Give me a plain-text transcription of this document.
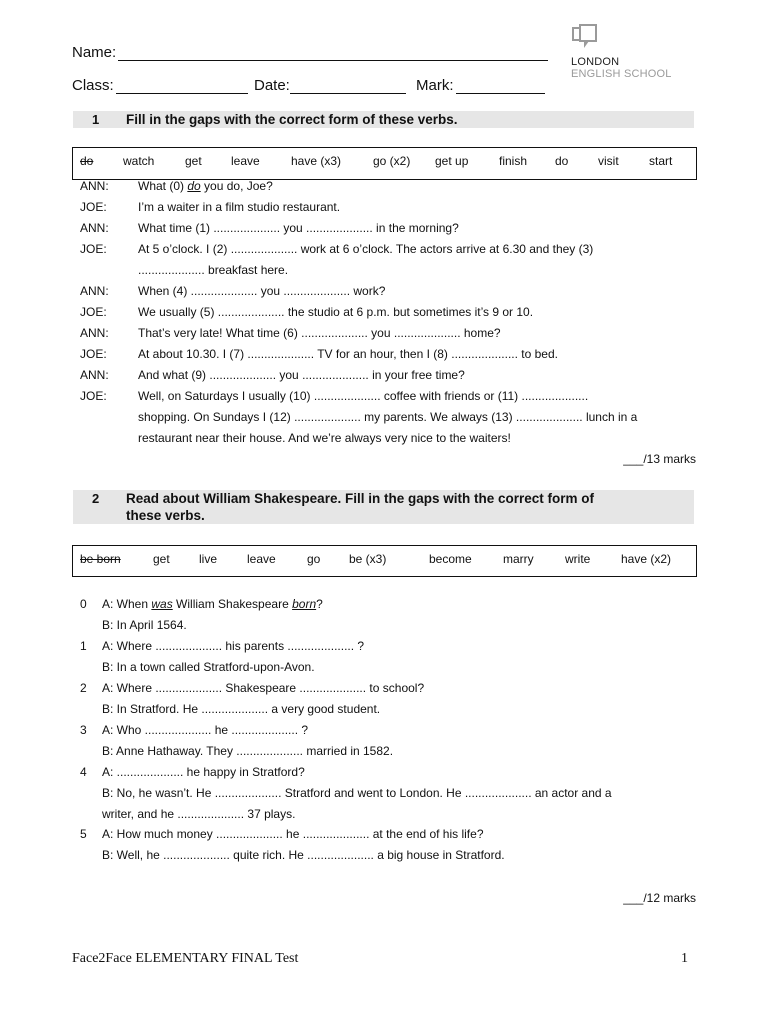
Name:
Class:	Date:	Mark:
LONDON
ENGLISH SCHOOL
1 Fill in the gaps with the correct form of these verbs.
do watch	get leave	have (x3)	go (x2) get up	finish do visit	start
ANN: What (0) do you do, Joe?
JOE:	I’m a waiter in a film studio restaurant.
ANN: What time (1) .................... you .................... in the morning?
JOE:	At 5 o’clock. I (2) .................... work at 6 o’clock. The actors arrive at 6.30 and they (3)
.................... breakfast here.
ANN: When (4) .................... you .................... work?
JOE:	We usually (5) .................... the studio at 6 p.m. but sometimes it’s 9 or 10.
ANN: That’s very late! What time (6) .................... you .................... home?
JOE:	At about 10.30. I (7) .................... TV for an hour, then I (8) .................... to bed.
ANN: And what (9) .................... you .................... in your free time?
JOE:	Well, on Saturdays I usually (10) .................... coffee with friends or (11) ....................
shopping. On Sundays I (12) .................... my parents. We always (13) .................... lunch in a
restaurant near their house. And we’re always very nice to the waiters!
___/13 marks
2 Read about William Shakespeare. Fill in the gaps with the correct form of
these verbs.
be born	get live leave	go be (x3)	become	marry	write	have (x2)
0 A: When was William Shakespeare born?
B: In April 1564.
1 A: Where .................... his parents .................... ?
B: In a town called Stratford-upon-Avon.
2 A: Where .................... Shakespeare .................... to school?
B: In Stratford. He .................... a very good student.
3 A: Who .................... he .................... ?
B: Anne Hathaway. They .................... married in 1582.
4 A: .................... he happy in Stratford?
B: No, he wasn’t. He .................... Stratford and went to London. He .................... an actor and a
writer, and he .................... 37 plays.
5 A: How much money .................... he .................... at the end of his life?
B: Well, he .................... quite rich. He .................... a big house in Stratford.
___/12 marks
Face2Face ELEMENTARY FINAL Test	1
